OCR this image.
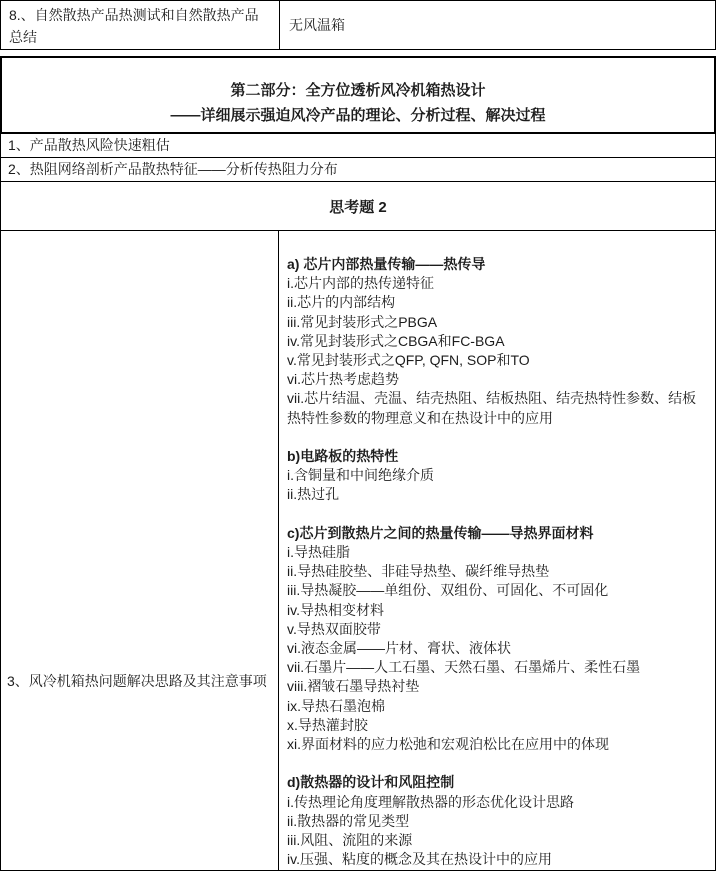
8.、自然散热产品热测试和自然散热产品总结
无风温箱
第二部分：全方位透析风冷机箱热设计
——详细展示强迫风冷产品的理论、分析过程、解决过程
1、产品散热风险快速粗估
2、热阻网络剖析产品散热特征——分析传热阻力分布
思考题 2
3、风冷机箱热问题解决思路及其注意事项
a) 芯片内部热量传输——热传导
i.芯片内部的热传递特征
ii.芯片的内部结构
iii.常见封装形式之PBGA
iv.常见封装形式之CBGA和FC-BGA
v.常见封装形式之QFP, QFN, SOP和TO
vi.芯片热考虑趋势
vii.芯片结温、壳温、结壳热阻、结板热阻、结壳热特性参数、结板热特性参数的物理意义和在热设计中的应用
b)电路板的热特性
i.含铜量和中间绝缘介质
ii.热过孔
c)芯片到散热片之间的热量传输——导热界面材料
i.导热硅脂
ii.导热硅胶垫、非硅导热垫、碳纤维导热垫
iii.导热凝胶——单组份、双组份、可固化、不可固化
iv.导热相变材料
v.导热双面胶带
vi.液态金属——片材、膏状、液体状
vii.石墨片——人工石墨、天然石墨、石墨烯片、柔性石墨
viii.褶皱石墨导热衬垫
ix.导热石墨泡棉
x.导热灌封胶
xi.界面材料的应力松弛和宏观泊松比在应用中的体现
d)散热器的设计和风阻控制
i.传热理论角度理解散热器的形态优化设计思路
ii.散热器的常见类型
iii.风阻、流阻的来源
iv.压强、粘度的概念及其在热设计中的应用
